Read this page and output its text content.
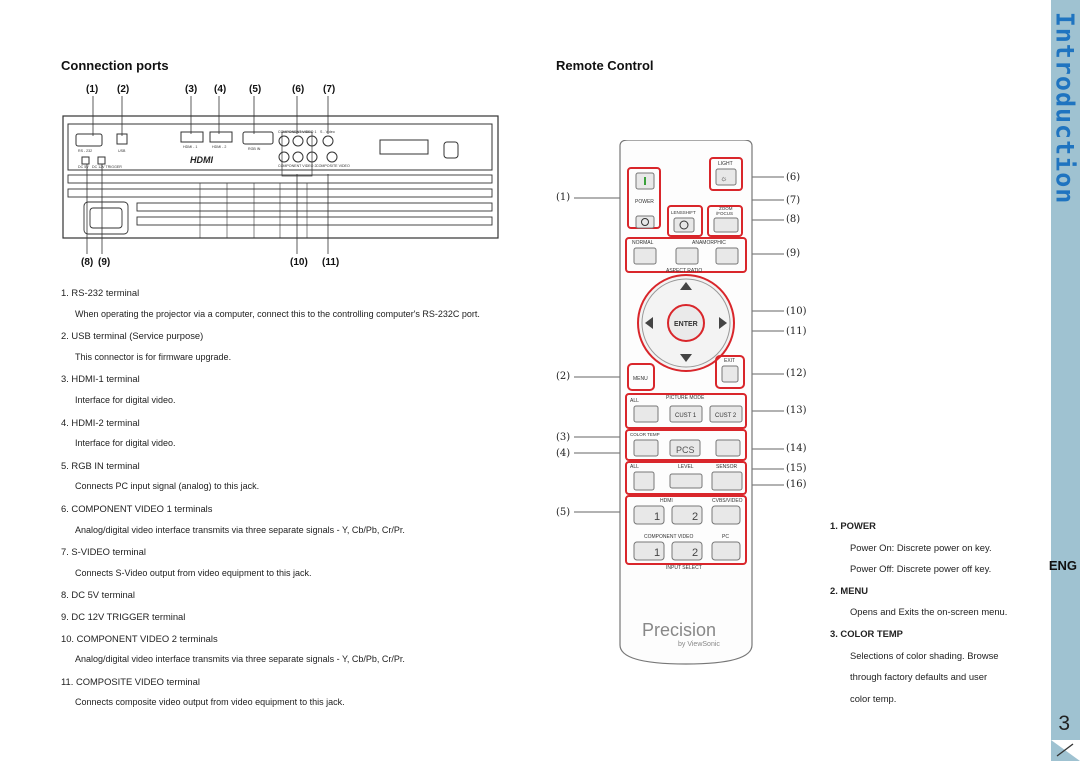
Introduction
ENG
3
Connection ports
(1) (2)	(3) (4) (5)	(6) (7)
(8) (9)	(10) (11)
RS - 232	USB
HDMI - 1	HDMI - 2	RGB IN
COMPONENT VIDEO 1 S - Video
COMPONENT VIDEO 2 COMPOSITE VIDEO
DC 5V DC 12V TRIGGER
HDMI
1. RS-232 terminal
When operating the projector via a computer, connect this to the controlling computer's RS-232C port.
2. USB terminal (Service purpose)
This connector is for firmware upgrade.
3. HDMI-1 terminal
Interface for digital video.
4. HDMI-2 terminal
Interface for digital video.
5. RGB IN terminal
Connects PC input signal (analog) to this jack.
6. COMPONENT VIDEO 1 terminals
Analog/digital video interface transmits via three separate signals - Y, Cb/Pb, Cr/Pr.
7. S-VIDEO terminal
Connects S-Video output from video equipment to this jack.
8. DC 5V terminal
9. DC 12V TRIGGER terminal
10. COMPONENT VIDEO 2 terminals
Analog/digital video interface transmits via three separate signals - Y, Cb/Pb, Cr/Pr.
11. COMPOSITE VIDEO terminal
Connects composite video output from video equipment to this jack.
Remote Control
(1)
(2)
(3)
(4)
(5)
(6)
(7)
(8)
(9)
(10)
(11)
(12)
(13)
(14)
(15)
(16)
POWER
LIGHT
☼
LENSSHIFT
ZOOM
/FOCUS
NORMAL	ANAMORPHIC
ASPECT RATIO
ENTER
MENU
EXIT
ALL	PICTURE MODE
CUST 1	CUST 2
COLOR TEMP
PCS
ALL	LEVEL	SENSOR
HDMI	CVBS/VIDEO
1	2
COMPONENT VIDEO	PC
1	2
INPUT SELECT
Precision
by ViewSonic
1. POWER
Power On: Discrete power on key.
Power Off: Discrete power off key.
2. MENU
Opens and Exits the on-screen menu.
3. COLOR TEMP
Selections of color shading. Browse
through factory defaults and user
color temp.
